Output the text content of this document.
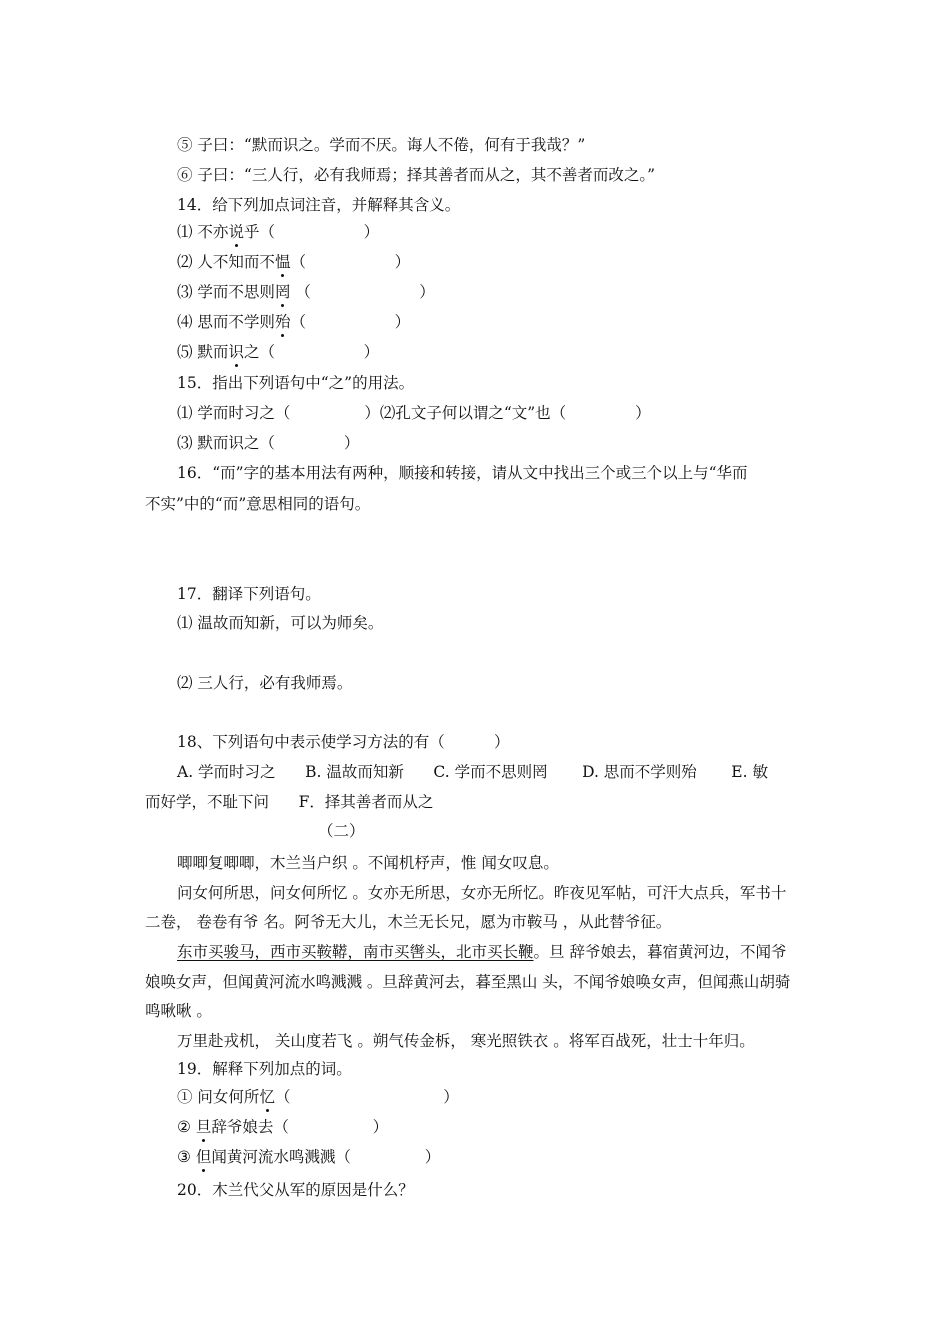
⑤ 子曰：“默而识之。学而不厌。诲人不倦，何有于我哉？”
⑥ 子曰：“三人行，必有我师焉；择其善者而从之，其不善者而改之。”
14．给下列加点词注音，并解释其含义。
⑴ 不亦说乎（                  ）
⑵ 人不知而不愠（                  ）
⑶ 学而不思则罔 （                      ）
⑷ 思而不学则殆（                  ）
⑸ 默而识之（                  ）
15．指出下列语句中“之”的用法。
⑴ 学而时习之（               ）⑵孔文子何以谓之“文”也（              ）
⑶ 默而识之（              ）
16．“而”字的基本用法有两种，顺接和转接，请从文中找出三个或三个以上与“华而
不实”中的“而”意思相同的语句。
17．翻译下列语句。
⑴ 温故而知新，可以为师矣。
⑵ 三人行，必有我师焉。
18、下列语句中表示使学习方法的有（          ）
A. 学而时习之      B. 温故而知新      C. 学而不思则罔       D. 思而不学则殆       E. 敏
而好学，不耻下问      F．择其善者而从之
（二）
唧唧复唧唧，木兰当户织 。不闻机杼声，惟 闻女叹息。
问女何所思，问女何所忆 。女亦无所思，女亦无所忆。昨夜见军帖，可汗大点兵，军书十
二卷， 卷卷有爷 名。阿爷无大儿，木兰无长兄，愿为市鞍马 ，从此替爷征。
东市买骏马，西市买鞍鞯，南市买辔头，北市买长鞭。旦 辞爷娘去，暮宿黄河边，不闻爷
娘唤女声，但闻黄河流水鸣溅溅 。旦辞黄河去，暮至黑山 头，不闻爷娘唤女声，但闻燕山胡骑
鸣啾啾 。
万里赴戎机， 关山度若飞 。朔气传金柝， 寒光照铁衣 。将军百战死，壮士十年归。
19．解释下列加点的词。
① 问女何所忆（                               ）
② 旦辞爷娘去（                 ）
③ 但闻黄河流水鸣溅溅（               ）
20．木兰代父从军的原因是什么？
